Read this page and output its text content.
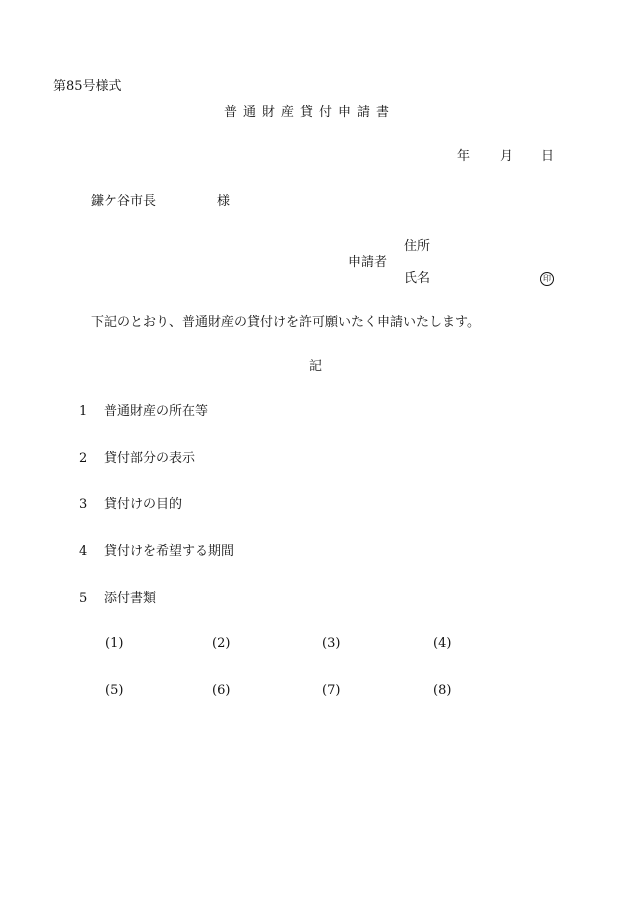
第85号様式
普通財産貸付申請書
年 月 日
鎌ケ谷市長	様
住所
申請者
氏名	印
下記のとおり、普通財産の貸付けを許可願いたく申請いたします。
記
1 普通財産の所在等
2 貸付部分の表示
3 貸付けの目的
4 貸付けを希望する期間
5 添付書類
(1)	(2)	(3)	(4)
(5)	(6)	(7)	(8)
